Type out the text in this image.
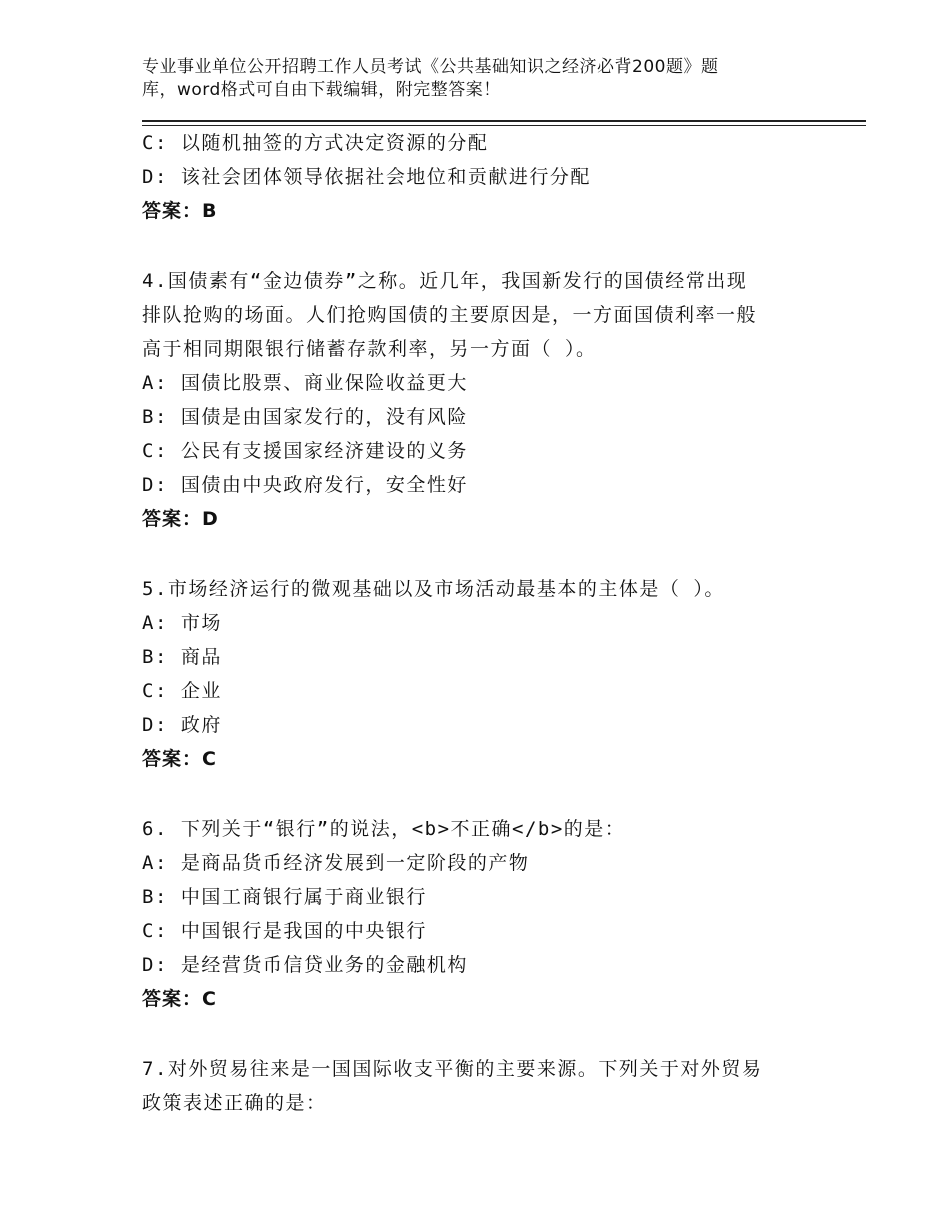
专业事业单位公开招聘工作人员考试《公共基础知识之经济必背200题》题
库，word格式可自由下载编辑，附完整答案！
C: 以随机抽签的方式决定资源的分配
D: 该社会团体领导依据社会地位和贡献进行分配
答案：B
4.国债素有“金边债券”之称。近几年，我国新发行的国债经常出现
排队抢购的场面。人们抢购国债的主要原因是，一方面国债利率一般
高于相同期限银行储蓄存款利率，另一方面（ ）。
A: 国债比股票、商业保险收益更大
B: 国债是由国家发行的，没有风险
C: 公民有支援国家经济建设的义务
D: 国债由中央政府发行，安全性好
答案：D
5.市场经济运行的微观基础以及市场活动最基本的主体是（ ）。
A: 市场
B: 商品
C: 企业
D: 政府
答案：C
6. 下列关于“银行”的说法，<b>不正确</b>的是：
A: 是商品货币经济发展到一定阶段的产物
B: 中国工商银行属于商业银行
C: 中国银行是我国的中央银行
D: 是经营货币信贷业务的金融机构
答案：C
7.对外贸易往来是一国国际收支平衡的主要来源。下列关于对外贸易
政策表述正确的是：
